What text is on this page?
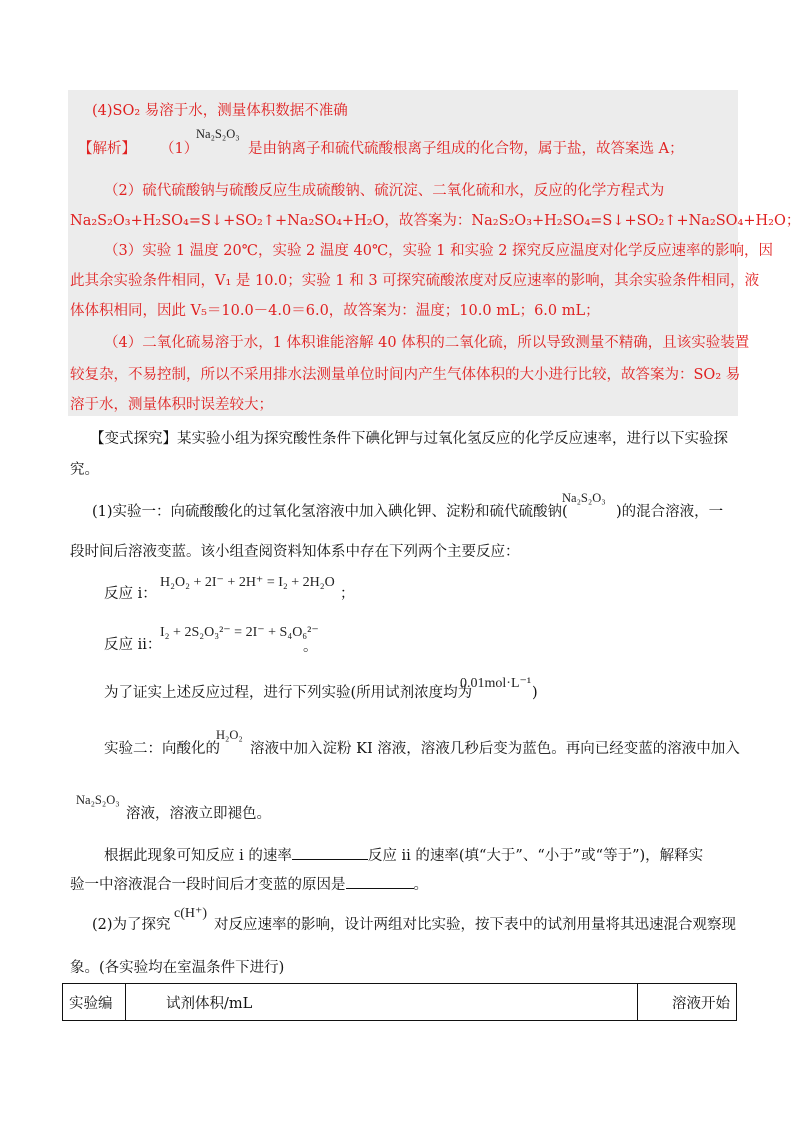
(4)SO₂ 易溶于水，测量体积数据不准确
【解析】 （1）
Na₂S₂O₃
是由钠离子和硫代硫酸根离子组成的化合物，属于盐，故答案选 A；
（2）硫代硫酸钠与硫酸反应生成硫酸钠、硫沉淀、二氧化硫和水，反应的化学方程式为
Na₂S₂O₃+H₂SO₄=S↓+SO₂↑+Na₂SO₄+H₂O，故答案为：Na₂S₂O₃+H₂SO₄=S↓+SO₂↑+Na₂SO₄+H₂O；
（3）实验 1 温度 20℃，实验 2 温度 40℃，实验 1 和实验 2 探究反应温度对化学反应速率的影响，因
此其余实验条件相同，V₁ 是 10.0；实验 1 和 3 可探究硫酸浓度对反应速率的影响，其余实验条件相同，液
体体积相同，因此 V₅＝10.0－4.0＝6.0，故答案为：温度；10.0 mL；6.0 mL；
（4）二氧化硫易溶于水，1 体积谁能溶解 40 体积的二氧化硫，所以导致测量不精确，且该实验装置
较复杂，不易控制，所以不采用排水法测量单位时间内产生气体体积的大小进行比较，故答案为：SO₂ 易
溶于水，测量体积时误差较大；
【变式探究】某实验小组为探究酸性条件下碘化钾与过氧化氢反应的化学反应速率，进行以下实验探
究。
(1)实验一：向硫酸酸化的过氧化氢溶液中加入碘化钾、淀粉和硫代硫酸钠(
Na₂S₂O₃
)的混合溶液，一
段时间后溶液变蓝。该小组查阅资料知体系中存在下列两个主要反应：
反应 i：
H₂O₂ + 2I⁻ + 2H⁺ = I₂ + 2H₂O
；
反应 ii：
I₂ + 2S₂O₃²⁻ = 2I⁻ + S₄O₆²⁻
。
为了证实上述反应过程，进行下列实验(所用试剂浓度均为
0.01mol·L⁻¹
)
实验二：向酸化的
H₂O₂
溶液中加入淀粉 KI 溶液，溶液几秒后变为蓝色。再向已经变蓝的溶液中加入
Na₂S₂O₃
溶液，溶液立即褪色。
根据此现象可知反应 i 的速率	反应 ii 的速率(填“大于”、“小于”或“等于”)，解释实
验一中溶液混合一段时间后才变蓝的原因是	。
(2)为了探究
c(H⁺)
对反应速率的影响，设计两组对比实验，按下表中的试剂用量将其迅速混合观察现
象。(各实验均在室温条件下进行)
实验编	试剂体积/mL	溶液开始
